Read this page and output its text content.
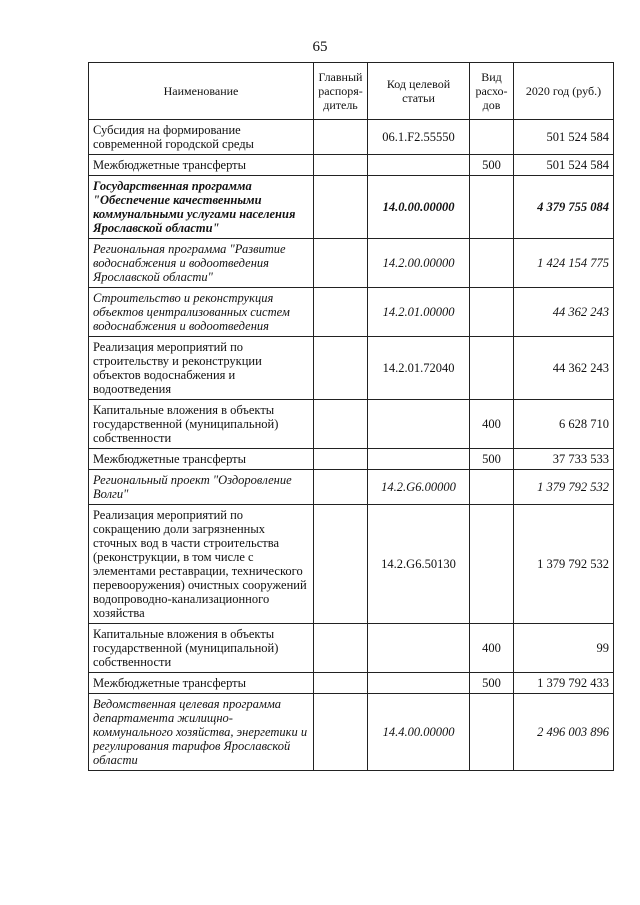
65
Наименование	Главный распоря-дитель	Код целевой статьи	Вид расхо-дов	2020 год (руб.)
Субсидия на формирование современной городской среды		06.1.F2.55550		501 524 584
Межбюджетные трансферты			500	501 524 584
Государственная программа "Обеспечение качественными коммунальными услугами населения Ярославской области"		14.0.00.00000		4 379 755 084
Региональная программа "Развитие водоснабжения и водоотведения Ярославской области"		14.2.00.00000		1 424 154 775
Строительство и реконструкция объектов централизованных систем водоснабжения и водоотведения		14.2.01.00000		44 362 243
Реализация мероприятий по строительству и реконструкции объектов водоснабжения и водоотведения		14.2.01.72040		44 362 243
Капитальные вложения в объекты государственной (муниципальной) собственности			400	6 628 710
Межбюджетные трансферты			500	37 733 533
Региональный проект "Оздоровление Волги"		14.2.G6.00000		1 379 792 532
Реализация мероприятий по сокращению доли загрязненных сточных вод в части строительства (реконструкции, в том числе с элементами реставрации, технического перевооружения) очистных сооружений водопроводно-канализационного хозяйства		14.2.G6.50130		1 379 792 532
Капитальные вложения в объекты государственной (муниципальной) собственности			400	99
Межбюджетные трансферты			500	1 379 792 433
Ведомственная целевая программа департамента жилищно-коммунального хозяйства, энергетики и регулирования тарифов Ярославской области		14.4.00.00000		2 496 003 896
